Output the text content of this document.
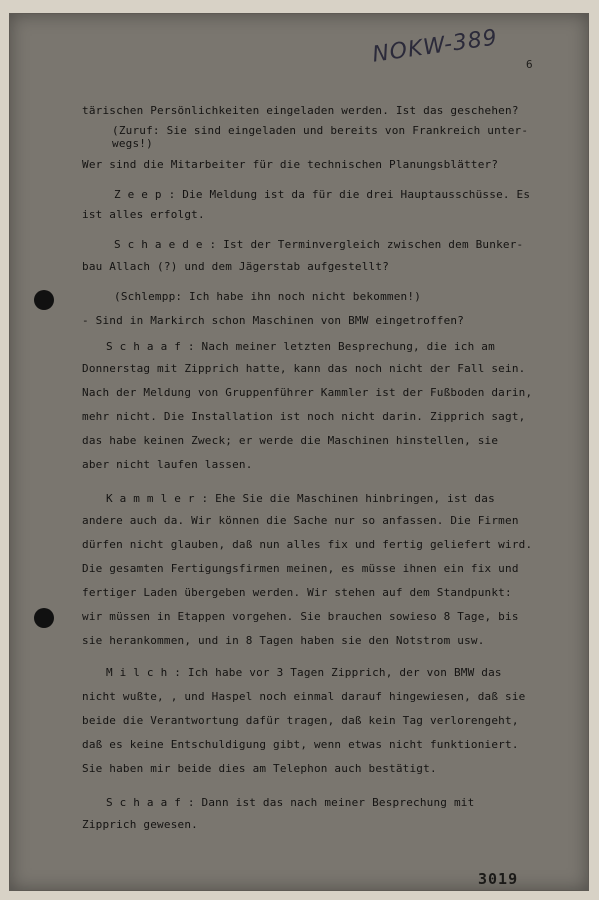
NOKW-389 6
tärischen Persönlichkeiten eingeladen werden. Ist das geschehen?
(Zuruf: Sie sind eingeladen und bereits von Frankreich unter-
wegs!)
Wer sind die Mitarbeiter für die technischen Planungsblätter?
Z e e p : Die Meldung ist da für die drei Hauptausschüsse. Es
ist alles erfolgt.
S c h a e d e : Ist der Terminvergleich zwischen dem Bunker-
bau Allach (?) und dem Jägerstab aufgestellt?
(Schlempp: Ich habe ihn noch nicht bekommen!)
- Sind in Markirch schon Maschinen von BMW eingetroffen?
S c h a a f : Nach meiner letzten Besprechung, die ich am
Donnerstag mit Zipprich hatte, kann das noch nicht der Fall sein.
Nach der Meldung von Gruppenführer Kammler ist der Fußboden darin,
mehr nicht. Die Installation ist noch nicht darin. Zipprich sagt,
das habe keinen Zweck; er werde die Maschinen hinstellen, sie
aber nicht laufen lassen.
K a m m l e r : Ehe Sie die Maschinen hinbringen, ist das
andere auch da. Wir können die Sache nur so anfassen. Die Firmen
dürfen nicht glauben, daß nun alles fix und fertig geliefert wird.
Die gesamten Fertigungsfirmen meinen, es müsse ihnen ein fix und
fertiger Laden übergeben werden. Wir stehen auf dem Standpunkt:
wir müssen in Etappen vorgehen. Sie brauchen sowieso 8 Tage, bis
sie herankommen, und in 8 Tagen haben sie den Notstrom usw.
M i l c h : Ich habe vor 3 Tagen Zipprich, der von BMW das
nicht wußte, , und Haspel noch einmal darauf hingewiesen, daß sie
beide die Verantwortung dafür tragen, daß kein Tag verlorengeht,
daß es keine Entschuldigung gibt, wenn etwas nicht funktioniert.
Sie haben mir beide dies am Telephon auch bestätigt.
S c h a a f : Dann ist das nach meiner Besprechung mit
Zipprich gewesen.
3019
